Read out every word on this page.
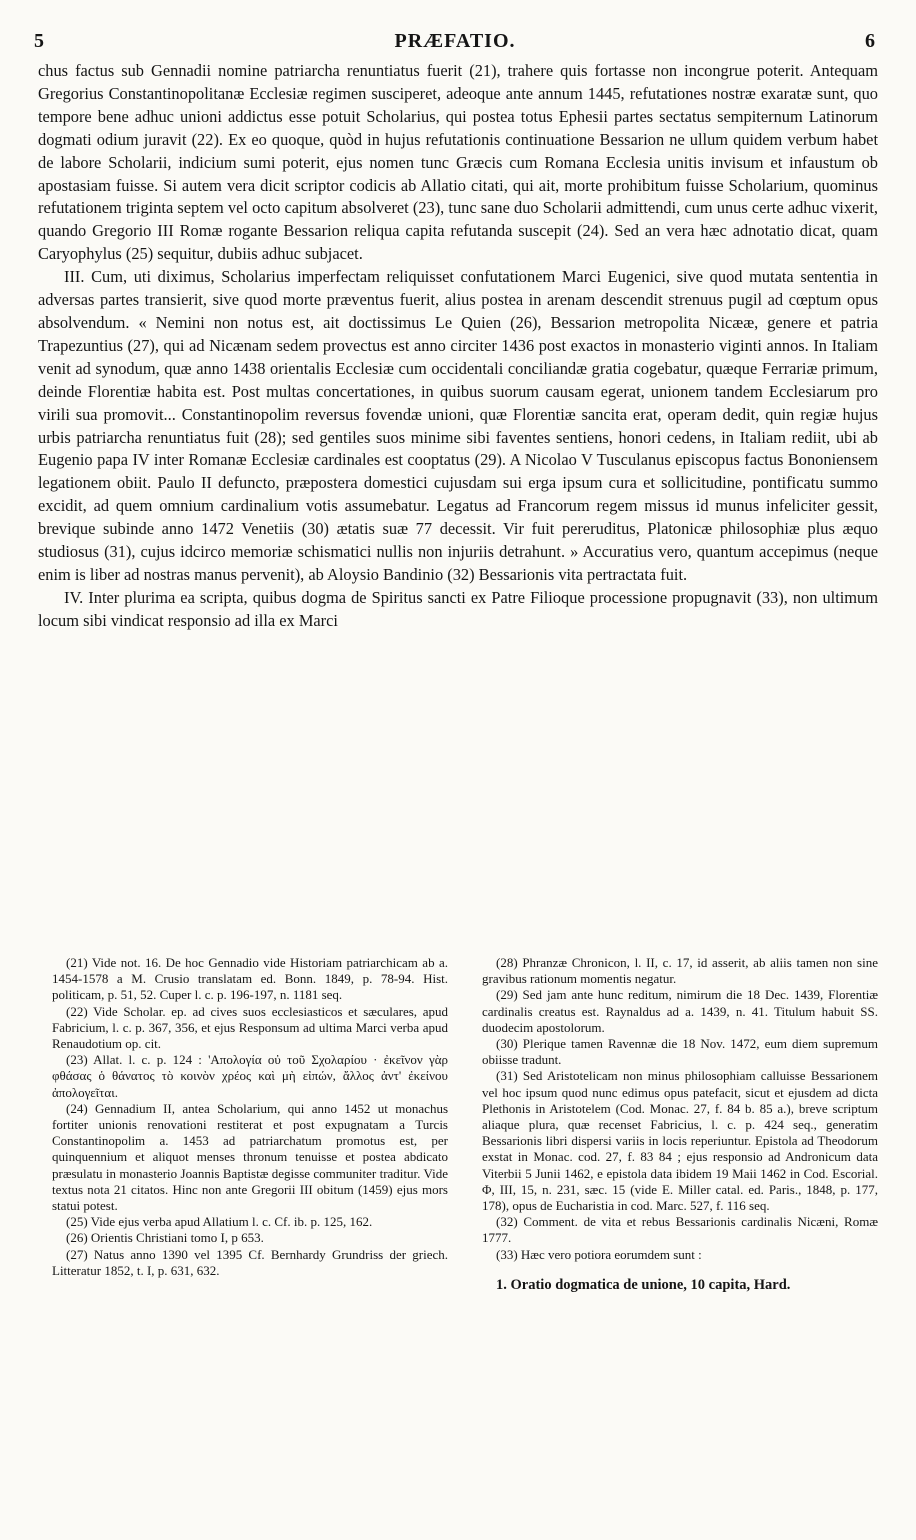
5	PRÆFATIO.	6

chus factus sub Gennadii nomine patriarcha renuntiatus fuerit (21), trahere quis fortasse non incongrue poterit. Antequam Gregorius Constantinopolitanæ Ecclesiæ regimen susciperet, adeoque ante annum 1445, refutationes nostræ exaratæ sunt, quo tempore bene adhuc unioni addictus esse potuit Scholarius, qui postea totus Ephesii partes sectatus sempiternum Latinorum dogmati odium juravit (22). Ex eo quoque, quòd in hujus refutationis continuatione Bessarion ne ullum quidem verbum habet de labore Scholarii, indicium sumi poterit, ejus nomen tunc Græcis cum Romana Ecclesia unitis invisum et infaustum ob apostasiam fuisse. Si autem vera dicit scriptor codicis ab Allatio citati, qui ait, morte prohibitum fuisse Scholarium, quominus refutationem triginta septem vel octo capitum absolveret (23), tunc sane duo Scholarii admittendi, cum unus certe adhuc vixerit, quando Gregorio III Romæ rogante Bessarion reliqua capita refutanda suscepit (24). Sed an vera hæc adnotatio dicat, quam Caryophylus (25) sequitur, dubiis adhuc subjacet.

III. Cum, uti diximus, Scholarius imperfectam reliquisset confutationem Marci Eugenici, sive quod mutata sententia in adversas partes transierit, sive quod morte præventus fuerit, alius postea in arenam descendit strenuus pugil ad cœptum opus absolvendum. « Nemini non notus est, ait doctissimus Le Quien (26), Bessarion metropolita Nicææ, genere et patria Trapezuntius (27), qui ad Nicænam sedem provectus est anno circiter 1436 post exactos in monasterio viginti annos. In Italiam venit ad synodum, quæ anno 1438 orientalis Ecclesiæ cum occidentali conciliandæ gratia cogebatur, quæque Ferrariæ primum, deinde Florentiæ habita est. Post multas concertationes, in quibus suorum causam egerat, unionem tandem Ecclesiarum pro virili sua promovit... Constantinopolim reversus fovendæ unioni, quæ Florentiæ sancita erat, operam dedit, quin regiæ hujus urbis patriarcha renuntiatus fuit (28); sed gentiles suos minime sibi faventes sentiens, honori cedens, in Italiam rediit, ubi ab Eugenio papa IV inter Romanæ Ecclesiæ cardinales est cooptatus (29). A Nicolao V Tusculanus episcopus factus Bononiensem legationem obiit. Paulo II defuncto, præpostera domestici cujusdam sui erga ipsum cura et sollicitudine, pontificatu summo excidit, ad quem omnium cardinalium votis assumebatur. Legatus ad Francorum regem missus id munus infeliciter gessit, brevique subinde anno 1472 Venetiis (30) ætatis suæ 77 decessit. Vir fuit pereruditus, Platonicæ philosophiæ plus æquo studiosus (31), cujus idcirco memoriæ schismatici nullis non injuriis detrahunt. » Accuratius vero, quantum accepimus (neque enim is liber ad nostras manus pervenit), ab Aloysio Bandinio (32) Bessarionis vita pertractata fuit.

IV. Inter plurima ea scripta, quibus dogma de Spiritus sancti ex Patre Filioque processione propugnavit (33), non ultimum locum sibi vindicat responsio ad illa ex Marci

(21) Vide not. 16. De hoc Gennadio vide Historiam patriarchicam ab a. 1454-1578 a M. Crusio translatam ed. Bonn. 1849, p. 78-94. Hist. politicam, p. 51, 52. Cuper l. c. p. 196-197, n. 1181 seq.

(22) Vide Scholar. ep. ad cives suos ecclesiasticos et sæculares, apud Fabricium, l. c. p. 367, 356, et ejus Responsum ad ultima Marci verba apud Renaudotium op. cit.

(23) Allat. l. c. p. 124 : 'Απολογία οὐ τοῦ Σχολαρίου · ἐκεῖνον γὰρ φθάσας ὁ θάνατος τὸ κοινὸν χρέος καὶ μὴ εἰπών, ἄλλος ἀντ' ἐκείνου ἀπολογεῖται.

(24) Gennadium II, antea Scholarium, qui anno 1452 ut monachus fortiter unionis renovationi restiterat et post expugnatam a Turcis Constantinopolim a. 1453 ad patriarchatum promotus est, per quinquennium et aliquot menses thronum tenuisse et postea abdicato præsulatu in monasterio Joannis Baptistæ degisse communiter traditur. Vide textus nota 21 citatos. Hinc non ante Gregorii III obitum (1459) ejus mors statui potest.

(25) Vide ejus verba apud Allatium l. c. Cf. ib. p. 125, 162.

(26) Orientis Christiani tomo I, p 653.

(27) Natus anno 1390 vel 1395 Cf. Bernhardy Grundriss der griech. Litteratur 1852, t. I, p. 631, 632.

(28) Phranzæ Chronicon, l. II, c. 17, id asserit, ab aliis tamen non sine gravibus rationum momentis negatur.

(29) Sed jam ante hunc reditum, nimirum die 18 Dec. 1439, Florentiæ cardinalis creatus est. Raynaldus ad a. 1439, n. 41. Titulum habuit SS. duodecim apostolorum.

(30) Plerique tamen Ravennæ die 18 Nov. 1472, eum diem supremum obiisse tradunt.

(31) Sed Aristotelicam non minus philosophiam calluisse Bessarionem vel hoc ipsum quod nunc edimus opus patefacit, sicut et ejusdem ad dicta Plethonis in Aristotelem (Cod. Monac. 27, f. 84 b. 85 a.), breve scriptum aliaque plura, quæ recenset Fabricius, l. c. p. 424 seq., generatim Bessarionis libri dispersi variis in locis reperiuntur. Epistola ad Theodorum exstat in Monac. cod. 27, f. 83 84 ; ejus responsio ad Andronicum data Viterbii 5 Junii 1462, e epistola data ibidem 19 Maii 1462 in Cod. Escorial. Φ, III, 15, n. 231, sæc. 15 (vide E. Miller catal. ed. Paris., 1848, p. 177, 178), opus de Eucharistia in cod. Marc. 527, f. 116 seq.

(32) Comment. de vita et rebus Bessarionis cardinalis Nicæni, Romæ 1777.

(33) Hæc vero potiora eorumdem sunt :

1. Oratio dogmatica de unione, 10 capita, Hard.
